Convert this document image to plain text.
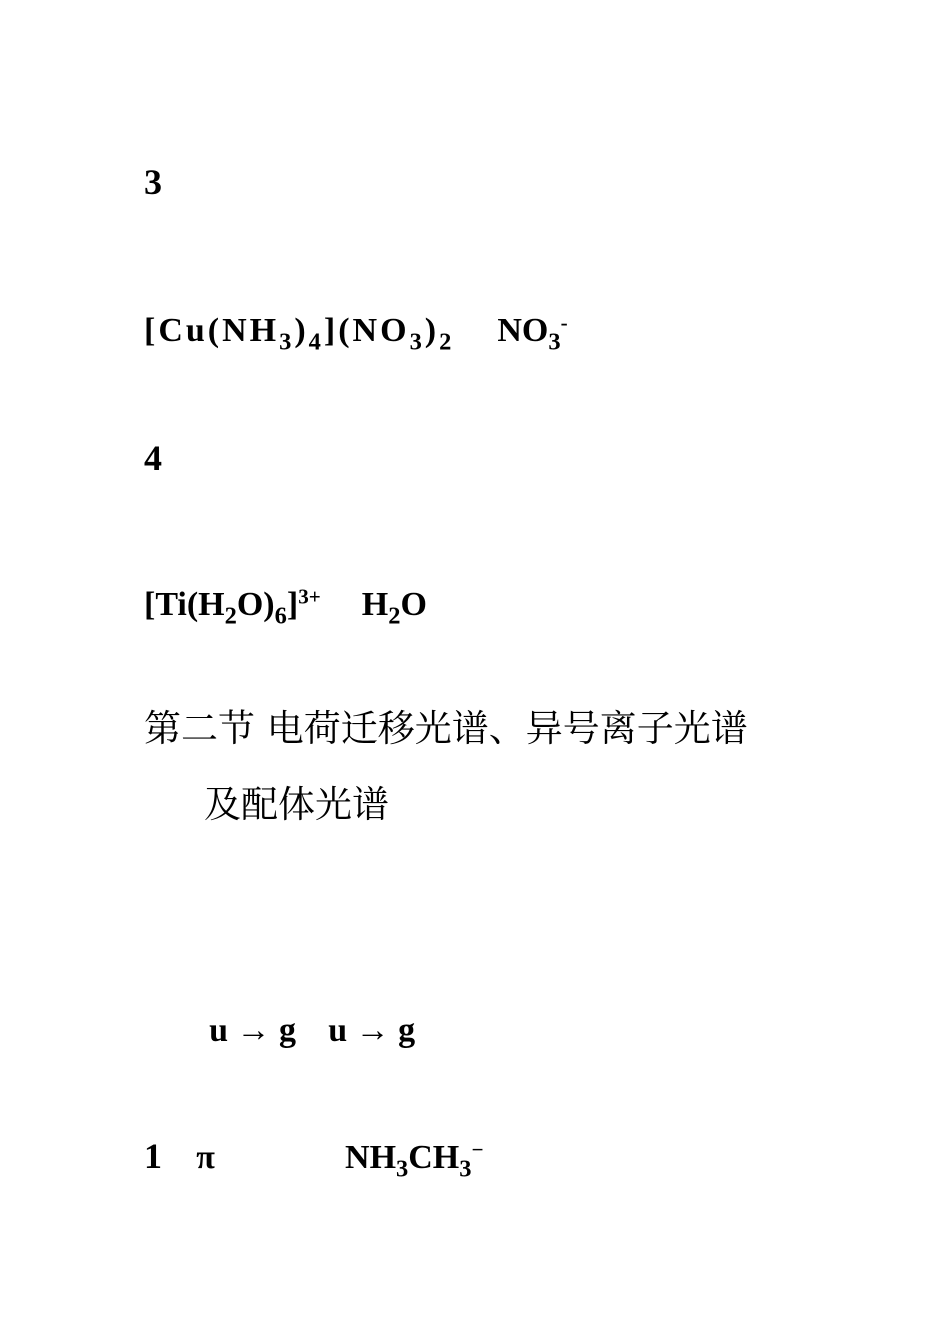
3
$[Cu(NH_3)_4](NO_3)_2$ $NO_3^-$
4
$[Ti(H_2O)_6]^{3+}$ $H_2O$
第二节 电荷迁移光谱、异号离子光谱
及配体光谱
u → g u → g
1 π	$NH_3CH_3^-$
